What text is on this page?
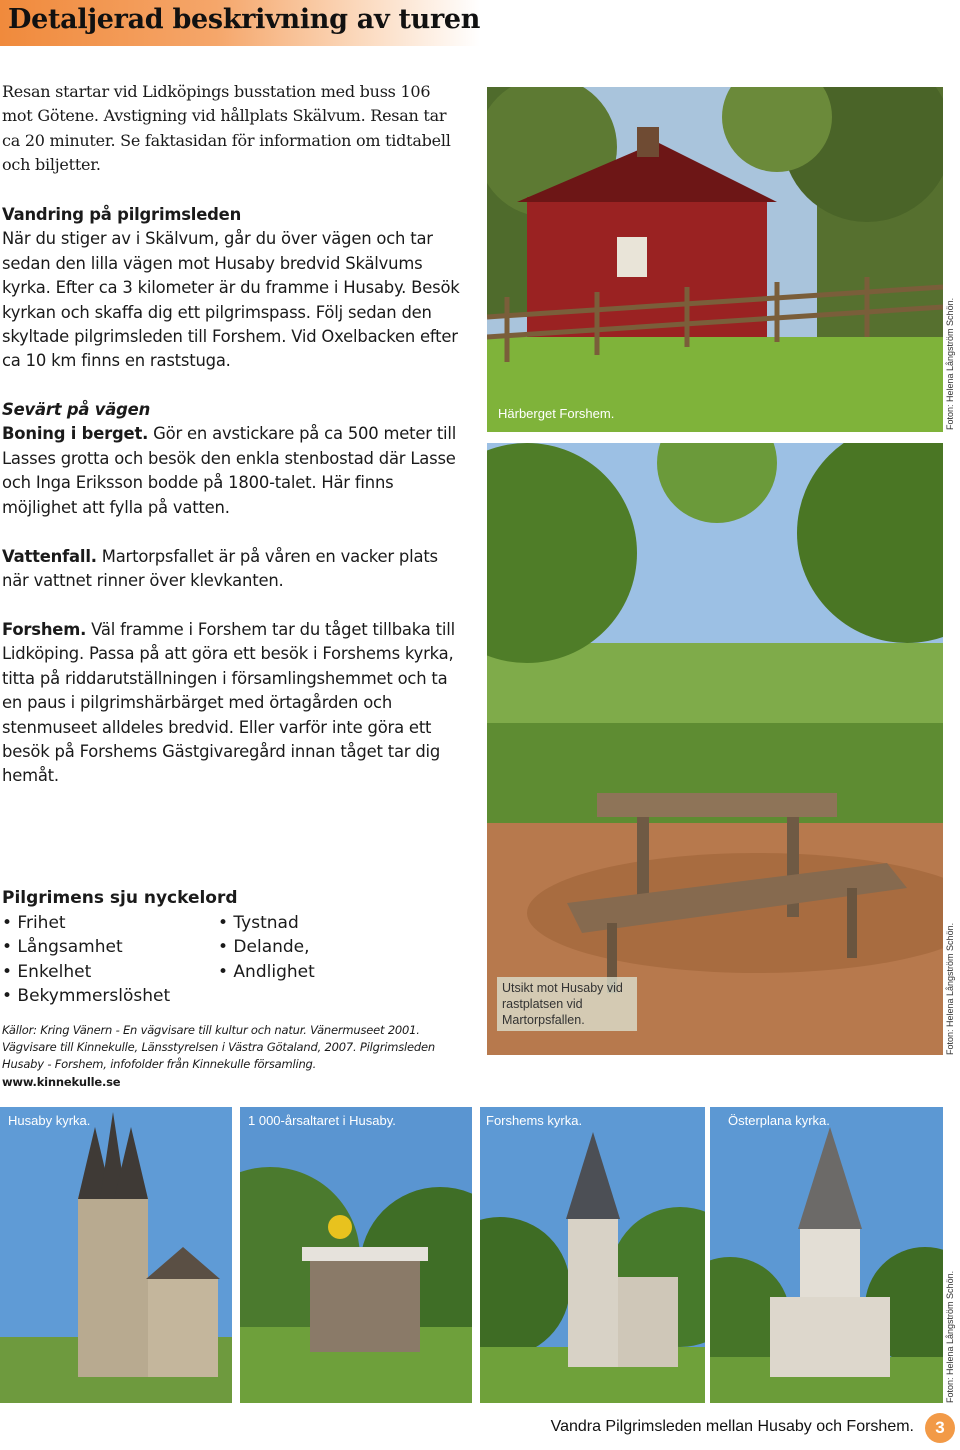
Detaljerad beskrivning av turen
Resan startar vid Lidköpings busstation med buss 106 mot Götene. Avstigning vid hållplats Skälvum. Resan tar ca 20 minuter. Se faktasidan för information om tidtabell och biljetter.
Vandring på pilgrimsleden
När du stiger av i Skälvum, går du över vägen och tar sedan den lilla vägen mot Husaby bredvid Skälvums kyrka. Efter ca 3 kilometer är du framme i Husaby. Besök kyrkan och skaffa dig ett pilgrimspass. Följ sedan den skyltade pilgrimsleden till Forshem. Vid Oxelbacken efter ca 10 km finns en raststuga.
Sevärt på vägen
Boning i berget. Gör en avstickare på ca 500 meter till Lasses grotta och besök den enkla stenbostad där Lasse och Inga Eriksson bodde på 1800-talet. Här finns möjlighet att fylla på vatten.
Vattenfall. Martorpsfallet är på våren en vacker plats när vattnet rinner över klevkanten.
Forshem. Väl framme i Forshem tar du tåget tillbaka till Lidköping. Passa på att göra ett besök i Forshems kyrka, titta på riddarutställningen i församlingshemmet och ta en paus i pilgrimshärbärget med örtagården och stenmuseet alldeles bredvid. Eller varför inte göra ett besök på Forshems Gästgivaregård innan tåget tar dig hemåt.
Pilgrimens sju nyckelord
• Frihet
• Långsamhet
• Enkelhet
• Bekymmerslöshet
• Tystnad
• Delande,
• Andlighet
Källor: Kring Vänern - En vägvisare till kultur och natur. Vänermuseet 2001. Vägvisare till Kinnekulle, Länsstyrelsen i Västra Götaland, 2007. Pilgrimsleden Husaby - Forshem, infofolder från Kinnekulle församling.
www.kinnekulle.se
Härberget Forshem.	Foton: Helena Långström Schön.
Utsikt mot Husaby vid rastplatsen vid Martorpsfallen.	Foton: Helena Långström Schön.
Husaby kyrka.	1 000-årsaltaret i Husaby.	Forshems kyrka.	Österplana kyrka.
Foton: Helena Långström Schön.
Vandra Pilgrimsleden mellan Husaby och Forshem.	3
